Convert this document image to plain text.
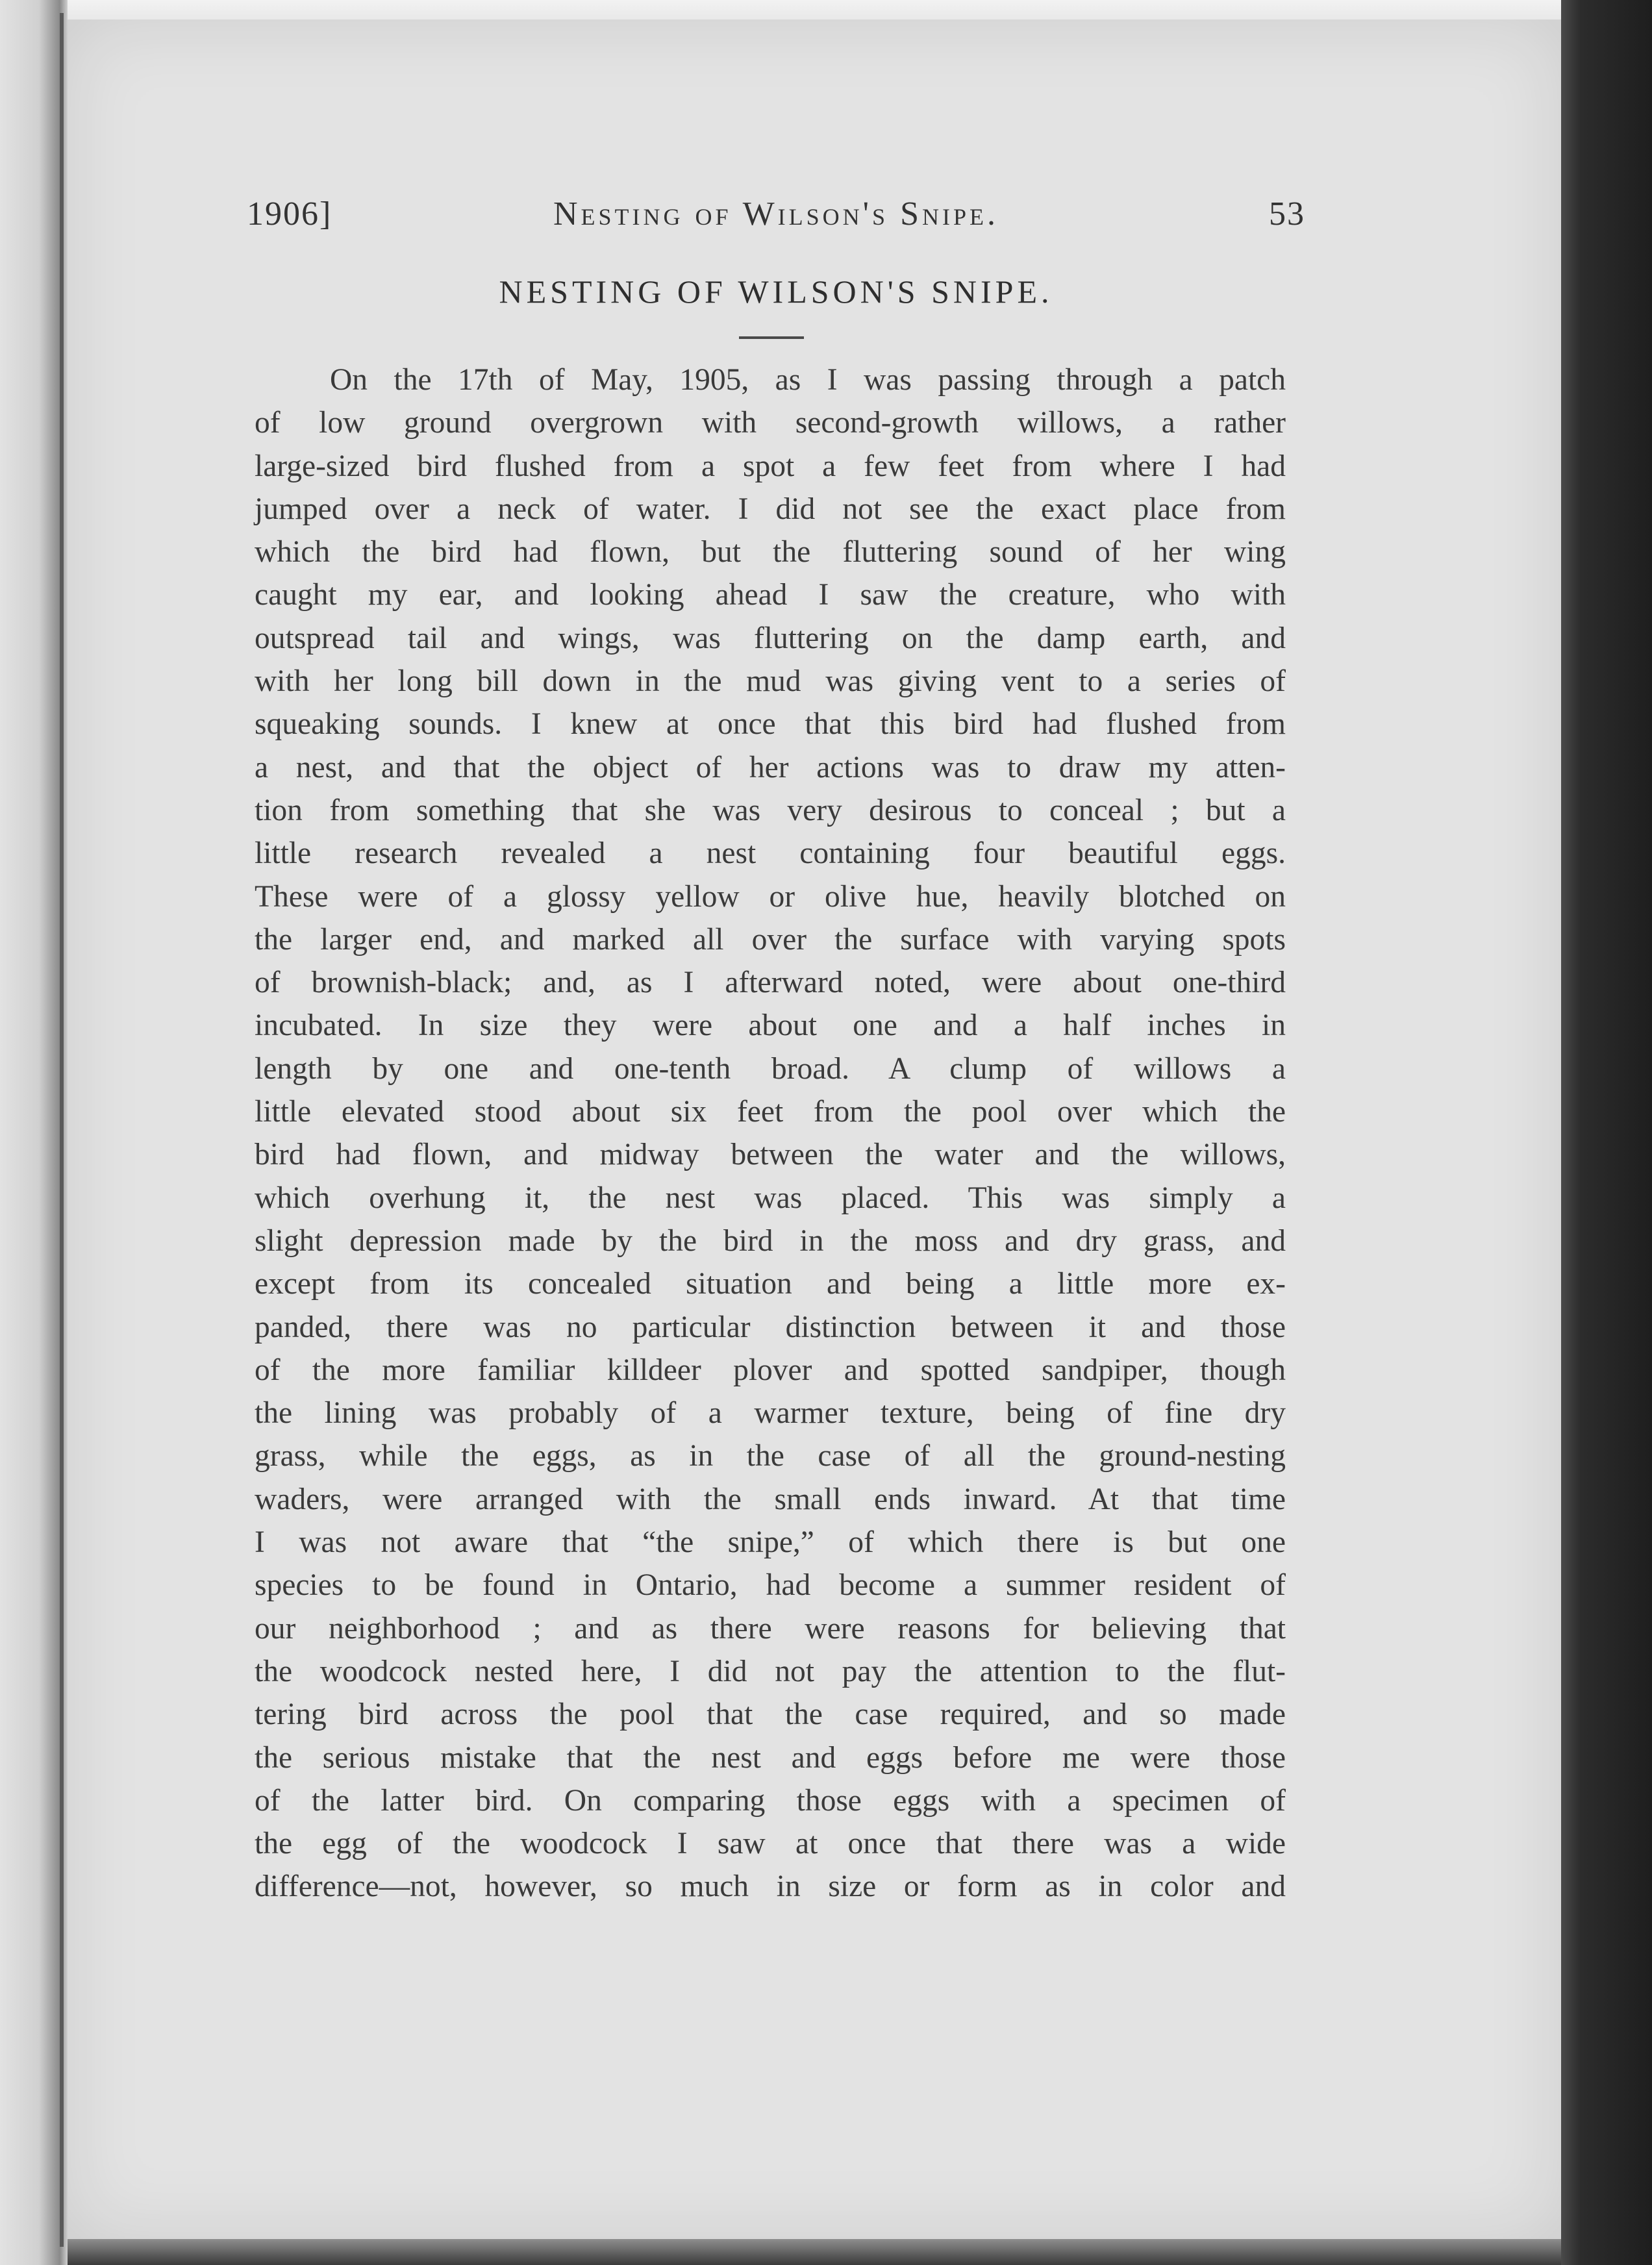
1906]	Nesting of Wilson's Snipe.	53
NESTING OF WILSON'S SNIPE.
On the 17th of May, 1905, as I was passing through a patch
of low ground overgrown with second-growth willows, a rather
large-sized bird flushed from a spot a few feet from where I had
jumped over a neck of water. I did not see the exact place from
which the bird had flown, but the fluttering sound of her wing
caught my ear, and looking ahead I saw the creature, who with
outspread tail and wings, was fluttering on the damp earth, and
with her long bill down in the mud was giving vent to a series of
squeaking sounds. I knew at once that this bird had flushed from
a nest, and that the object of her actions was to draw my atten-
tion from something that she was very desirous to conceal ; but a
little research revealed a nest containing four beautiful eggs.
These were of a glossy yellow or olive hue, heavily blotched on
the larger end, and marked all over the surface with varying spots
of brownish-black; and, as I afterward noted, were about one-third
incubated. In size they were about one and a half inches in
length by one and one-tenth broad. A clump of willows a
little elevated stood about six feet from the pool over which the
bird had flown, and midway between the water and the willows,
which overhung it, the nest was placed. This was simply a
slight depression made by the bird in the moss and dry grass, and
except from its concealed situation and being a little more ex-
panded, there was no particular distinction between it and those
of the more familiar killdeer plover and spotted sandpiper, though
the lining was probably of a warmer texture, being of fine dry
grass, while the eggs, as in the case of all the ground-nesting
waders, were arranged with the small ends inward. At that time
I was not aware that “the snipe,” of which there is but one
species to be found in Ontario, had become a summer resident of
our neighborhood ; and as there were reasons for believing that
the woodcock nested here, I did not pay the attention to the flut-
tering bird across the pool that the case required, and so made
the serious mistake that the nest and eggs before me were those
of the latter bird. On comparing those eggs with a specimen of
the egg of the woodcock I saw at once that there was a wide
difference—not, however, so much in size or form as in color and
